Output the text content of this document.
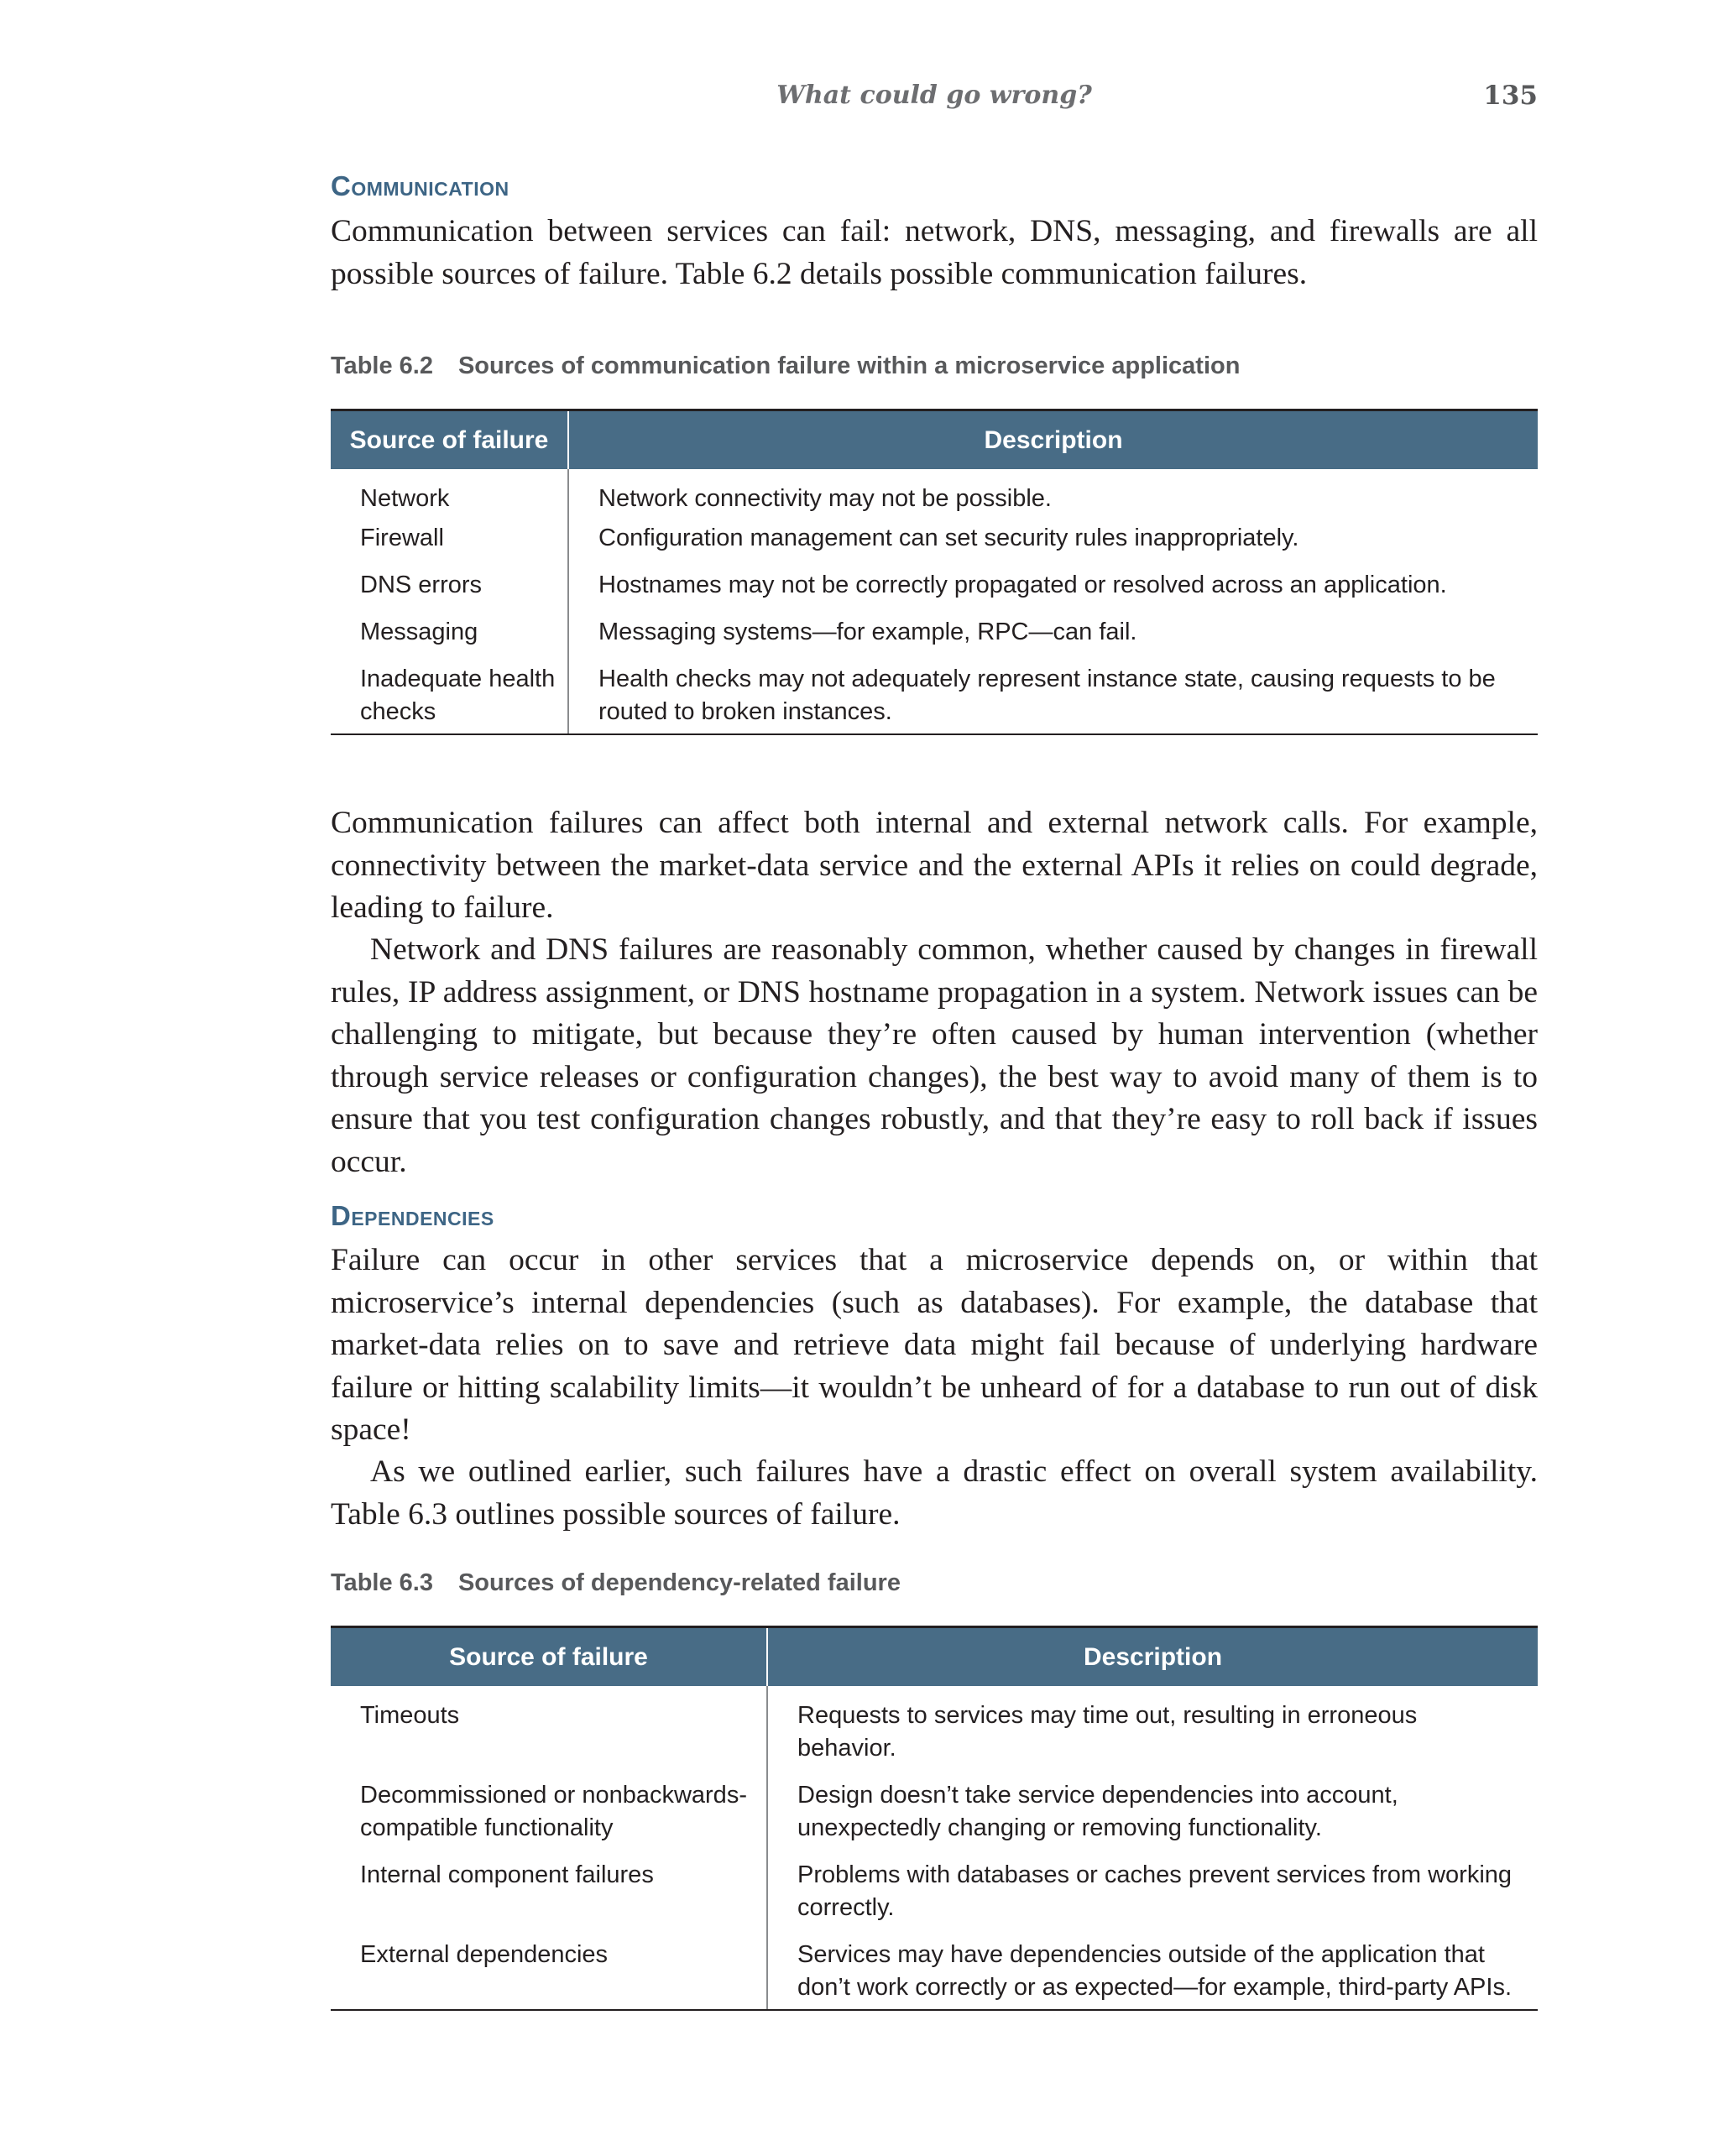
What could go wrong?	135
Communication

Communication between services can fail: network, DNS, messaging, and firewalls are all possible sources of failure. Table 6.2 details possible communication failures.

Table 6.2 Sources of communication failure within a microservice application
Source of failure	Description
Network	Network connectivity may not be possible.
Firewall	Configuration management can set security rules inappropriately.
DNS errors	Hostnames may not be correctly propagated or resolved across an application.
Messaging	Messaging systems—for example, RPC—can fail.
Inadequate health checks	Health checks may not adequately represent instance state, causing requests to be routed to broken instances.

Communication failures can affect both internal and external network calls. For example, connectivity between the market-data service and the external APIs it relies on could degrade, leading to failure.

Network and DNS failures are reasonably common, whether caused by changes in firewall rules, IP address assignment, or DNS hostname propagation in a system. Network issues can be challenging to mitigate, but because they’re often caused by human intervention (whether through service releases or configuration changes), the best way to avoid many of them is to ensure that you test configuration changes robustly, and that they’re easy to roll back if issues occur.

Dependencies

Failure can occur in other services that a microservice depends on, or within that microservice’s internal dependencies (such as databases). For example, the database that market-data relies on to save and retrieve data might fail because of underlying hardware failure or hitting scalability limits—it wouldn’t be unheard of for a database to run out of disk space!

As we outlined earlier, such failures have a drastic effect on overall system availability. Table 6.3 outlines possible sources of failure.

Table 6.3 Sources of dependency-related failure
Source of failure	Description
Timeouts	Requests to services may time out, resulting in erroneous behavior.
Decommissioned or nonbackwards-compatible functionality	Design doesn’t take service dependencies into account, unexpectedly changing or removing functionality.
Internal component failures	Problems with databases or caches prevent services from working correctly.
External dependencies	Services may have dependencies outside of the application that don’t work correctly or as expected—for example, third-party APIs.
